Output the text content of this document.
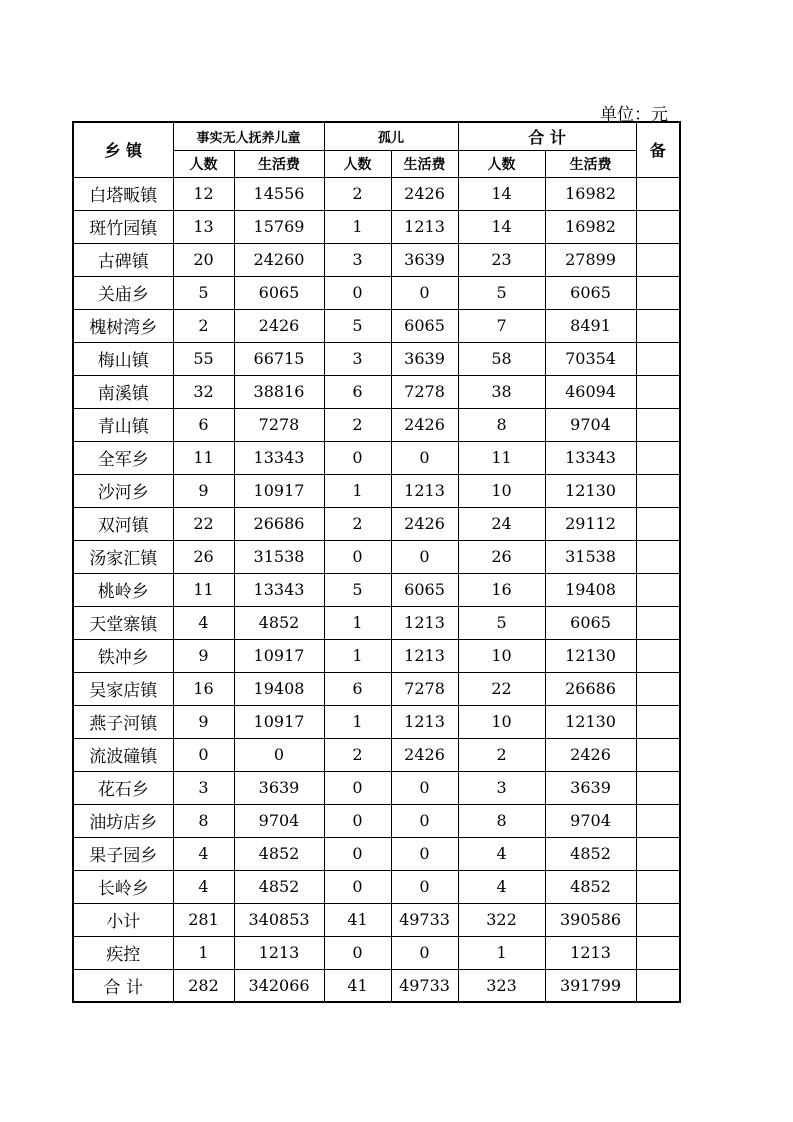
单位：元
乡 镇	事实无人抚养儿童		孤儿		合 计		备
	人数	生活费	人数	生活费	人数	生活费	
白塔畈镇	12	14556	2	2426	14	16982	
斑竹园镇	13	15769	1	1213	14	16982	
古碑镇	20	24260	3	3639	23	27899	
关庙乡	5	6065	0	0	5	6065	
槐树湾乡	2	2426	5	6065	7	8491	
梅山镇	55	66715	3	3639	58	70354	
南溪镇	32	38816	6	7278	38	46094	
青山镇	6	7278	2	2426	8	9704	
全军乡	11	13343	0	0	11	13343	
沙河乡	9	10917	1	1213	10	12130	
双河镇	22	26686	2	2426	24	29112	
汤家汇镇	26	31538	0	0	26	31538	
桃岭乡	11	13343	5	6065	16	19408	
天堂寨镇	4	4852	1	1213	5	6065	
铁冲乡	9	10917	1	1213	10	12130	
吴家店镇	16	19408	6	7278	22	26686	
燕子河镇	9	10917	1	1213	10	12130	
流波䃥镇	0	0	2	2426	2	2426	
花石乡	3	3639	0	0	3	3639	
油坊店乡	8	9704	0	0	8	9704	
果子园乡	4	4852	0	0	4	4852	
长岭乡	4	4852	0	0	4	4852	
小计	281	340853	41	49733	322	390586	
疾控	1	1213	0	0	1	1213	
合 计	282	342066	41	49733	323	391799	
